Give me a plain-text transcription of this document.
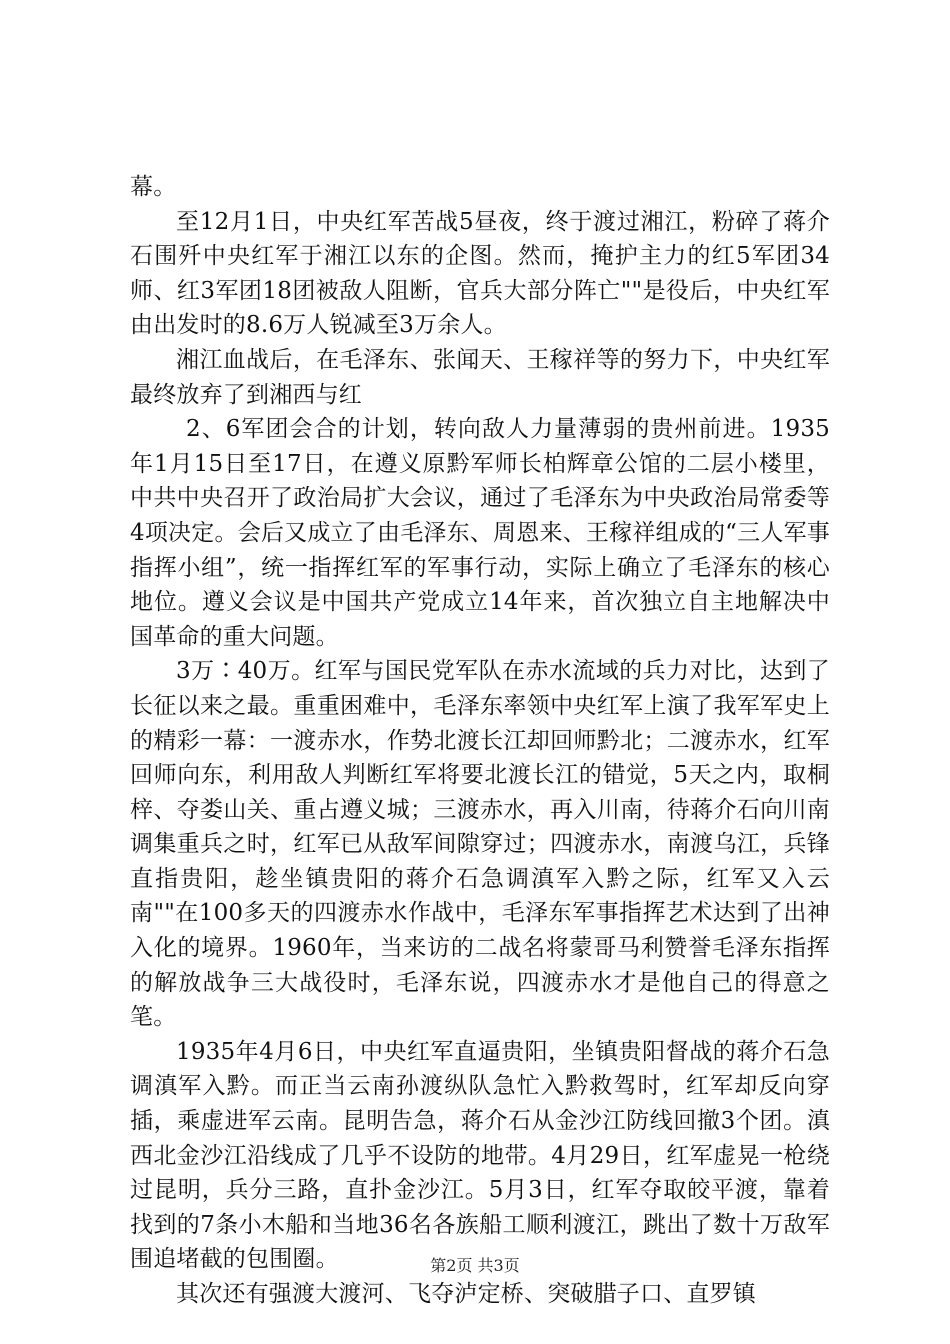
幕。

至12月1日，中央红军苦战5昼夜，终于渡过湘江，粉碎了蒋介石围歼中央红军于湘江以东的企图。然而，掩护主力的红5军团34师、红3军团18团被敌人阻断，官兵大部分阵亡""是役后，中央红军由出发时的8.6万人锐减至3万余人。

湘江血战后，在毛泽东、张闻天、王稼祥等的努力下，中央红军最终放弃了到湘西与红

2、6军团会合的计划，转向敌人力量薄弱的贵州前进。1935年1月15日至17日，在遵义原黔军师长柏辉章公馆的二层小楼里，中共中央召开了政治局扩大会议，通过了毛泽东为中央政治局常委等4项决定。会后又成立了由毛泽东、周恩来、王稼祥组成的“三人军事指挥小组”，统一指挥红军的军事行动，实际上确立了毛泽东的核心地位。遵义会议是中国共产党成立14年来，首次独立自主地解决中国革命的重大问题。

3万∶40万。红军与国民党军队在赤水流域的兵力对比，达到了长征以来之最。重重困难中，毛泽东率领中央红军上演了我军军史上的精彩一幕：一渡赤水，作势北渡长江却回师黔北；二渡赤水，红军回师向东，利用敌人判断红军将要北渡长江的错觉，5天之内，取桐梓、夺娄山关、重占遵义城；三渡赤水，再入川南，待蒋介石向川南调集重兵之时，红军已从敌军间隙穿过；四渡赤水，南渡乌江，兵锋直指贵阳，趁坐镇贵阳的蒋介石急调滇军入黔之际，红军又入云南""在100多天的四渡赤水作战中，毛泽东军事指挥艺术达到了出神入化的境界。1960年，当来访的二战名将蒙哥马利赞誉毛泽东指挥的解放战争三大战役时，毛泽东说，四渡赤水才是他自己的得意之笔。

1935年4月6日，中央红军直逼贵阳，坐镇贵阳督战的蒋介石急调滇军入黔。而正当云南孙渡纵队急忙入黔救驾时，红军却反向穿插，乘虚进军云南。昆明告急，蒋介石从金沙江防线回撤3个团。滇西北金沙江沿线成了几乎不设防的地带。4月29日，红军虚晃一枪绕过昆明，兵分三路，直扑金沙江。5月3日，红军夺取皎平渡，靠着找到的7条小木船和当地36名各族船工顺利渡江，跳出了数十万敌军围追堵截的包围圈。

其次还有强渡大渡河、飞夺泸定桥、突破腊子口、直罗镇

第2页 共3页
